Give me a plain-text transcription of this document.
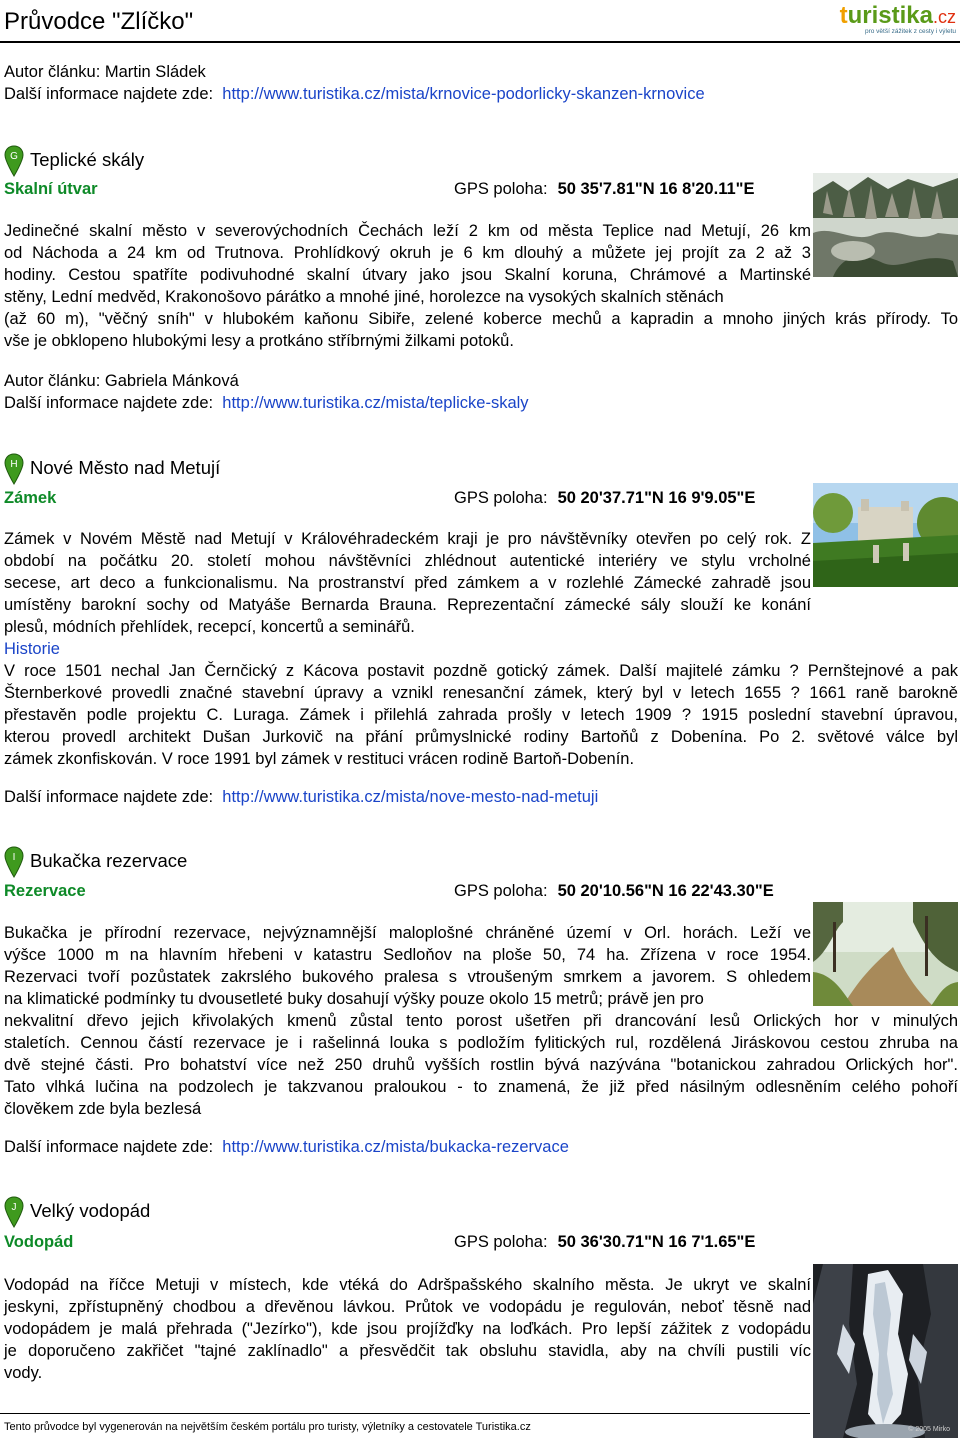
Průvodce "Zlíčko"	turistika.cz
pro větší zážitek z cesty i výletu
Autor článku: Martin Sládek
Další informace najdete zde: http://www.turistika.cz/mista/krnovice-podorlicky-skanzen-krnovice
G Teplické skály
Skalní útvar	GPS poloha: 50 35'7.81"N 16 8'20.11"E
Jedinečné skalní město v severovýchodních Čechách leží 2 km od města Teplice nad Metují, 26 km
od Náchoda a 24 km od Trutnova. Prohlídkový okruh je 6 km dlouhý a můžete jej projít za 2 až 3
hodiny. Cestou spatříte podivuhodné skalní útvary jako jsou Skalní koruna, Chrámové a Martinské
stěny, Lední medvěd, Krakonošovo párátko a mnohé jiné, horolezce na vysokých skalních stěnách
(až 60 m), "věčný sníh" v hlubokém kaňonu Sibiře, zelené koberce mechů a kapradin a mnoho jiných krás přírody. To
vše je obklopeno hlubokými lesy a protkáno stříbrnými žilkami potoků.
Autor článku: Gabriela Mánková
Další informace najdete zde: http://www.turistika.cz/mista/teplicke-skaly
H Nové Město nad Metují
Zámek	GPS poloha: 50 20'37.71"N 16 9'9.05"E
Zámek v Novém Městě nad Metují v Královéhradeckém kraji je pro návštěvníky otevřen po celý rok. Z
období na počátku 20. století mohou návštěvníci zhlédnout autentické interiéry ve stylu vrcholné
secese, art deco a funkcionalismu. Na prostranství před zámkem a v rozlehlé Zámecké zahradě jsou
umístěny barokní sochy od Matyáše Bernarda Brauna. Reprezentační zámecké sály slouží ke konání
plesů, módních přehlídek, recepcí, koncertů a seminářů.
Historie
V roce 1501 nechal Jan Černčický z Kácova postavit pozdně gotický zámek. Další majitelé zámku ? Pernštejnové a pak
Šternberkové provedli značné stavební úpravy a vznikl renesanční zámek, který byl v letech 1655 ? 1661 raně barokně
přestavěn podle projektu C. Luraga. Zámek i přilehlá zahrada prošly v letech 1909 ? 1915 poslední stavební úpravou,
kterou provedl architekt Dušan Jurkovič na přání průmyslnické rodiny Bartoňů z Dobenína. Po 2. světové válce byl
zámek zkonfiskován. V roce 1991 byl zámek v restituci vrácen rodině Bartoň-Dobenín.
Další informace najdete zde: http://www.turistika.cz/mista/nove-mesto-nad-metuji
I Bukačka rezervace
Rezervace	GPS poloha: 50 20'10.56"N 16 22'43.30"E
Bukačka je přírodní rezervace, nejvýznamnější maloplošné chráněné území v Orl. horách. Leží ve
výšce 1000 m na hlavním hřebeni v katastru Sedloňov na ploše 50, 74 ha. Zřízena v roce 1954.
Rezervaci tvoří pozůstatek zakrslého bukového pralesa s vtroušeným smrkem a javorem. S ohledem
na klimatické podmínky tu dvousetleté buky dosahují výšky pouze okolo 15 metrů; právě jen pro
nekvalitní dřevo jejich křivolakých kmenů zůstal tento porost ušetřen při drancování lesů Orlických hor v minulých
staletích. Cennou částí rezervace je i rašelinná louka s podložím fylitických rul, rozdělená Jiráskovou cestou zhruba na
dvě stejné části. Pro bohatství více než 250 druhů vyšších rostlin bývá nazývána "botanickou zahradou Orlických hor".
Tato vlhká lučina na podzolech je takzvanou praloukou - to znamená, že již před násilným odlesněním celého pohoří
člověkem zde byla bezlesá
Další informace najdete zde: http://www.turistika.cz/mista/bukacka-rezervace
J Velký vodopád
Vodopád	GPS poloha: 50 36'30.71"N 16 7'1.65"E
© 2005 Mirko
Vodopád na říčce Metuji v místech, kde vtéká do Adršpašského skalního města. Je ukryt ve skalní
jeskyni, zpřístupněný chodbou a dřevěnou lávkou. Průtok ve vodopádu je regulován, neboť těsně nad
vodopádem je malá přehrada ("Jezírko"), kde jsou projížďky na loďkách. Pro lepší zážitek z vodopádu
je doporučeno zakřičet "tajné zaklínadlo" a přesvědčit tak obsluhu stavidla, aby na chvíli pustili víc
vody.
Tento průvodce byl vygenerován na největším českém portálu pro turisty, výletníky a cestovatele Turistika.cz
